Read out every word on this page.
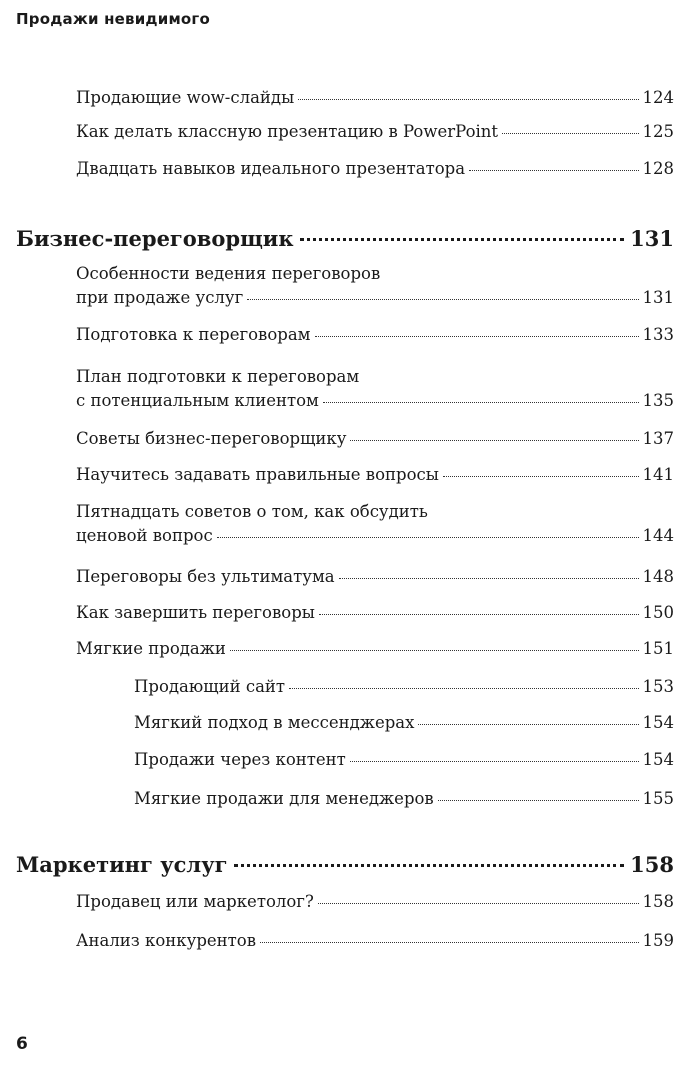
Продажи невидимого
Продающие wow-слайды	124
Как делать классную презентацию в PowerPoint	125
Двадцать навыков идеального презентатора	128
Бизнес-переговорщик	131
Особенности ведения переговоров
при продаже услуг	131
Подготовка к переговорам	133
План подготовки к переговорам
с потенциальным клиентом	135
Советы бизнес-переговорщику	137
Научитесь задавать правильные вопросы	141
Пятнадцать советов о том, как обсудить
ценовой вопрос	144
Переговоры без ультиматума	148
Как завершить переговоры	150
Мягкие продажи	151
Продающий сайт	153
Мягкий подход в мессенджерах	154
Продажи через контент	154
Мягкие продажи для менеджеров	155
Маркетинг услуг	158
Продавец или маркетолог?	158
Анализ конкурентов	159
6
